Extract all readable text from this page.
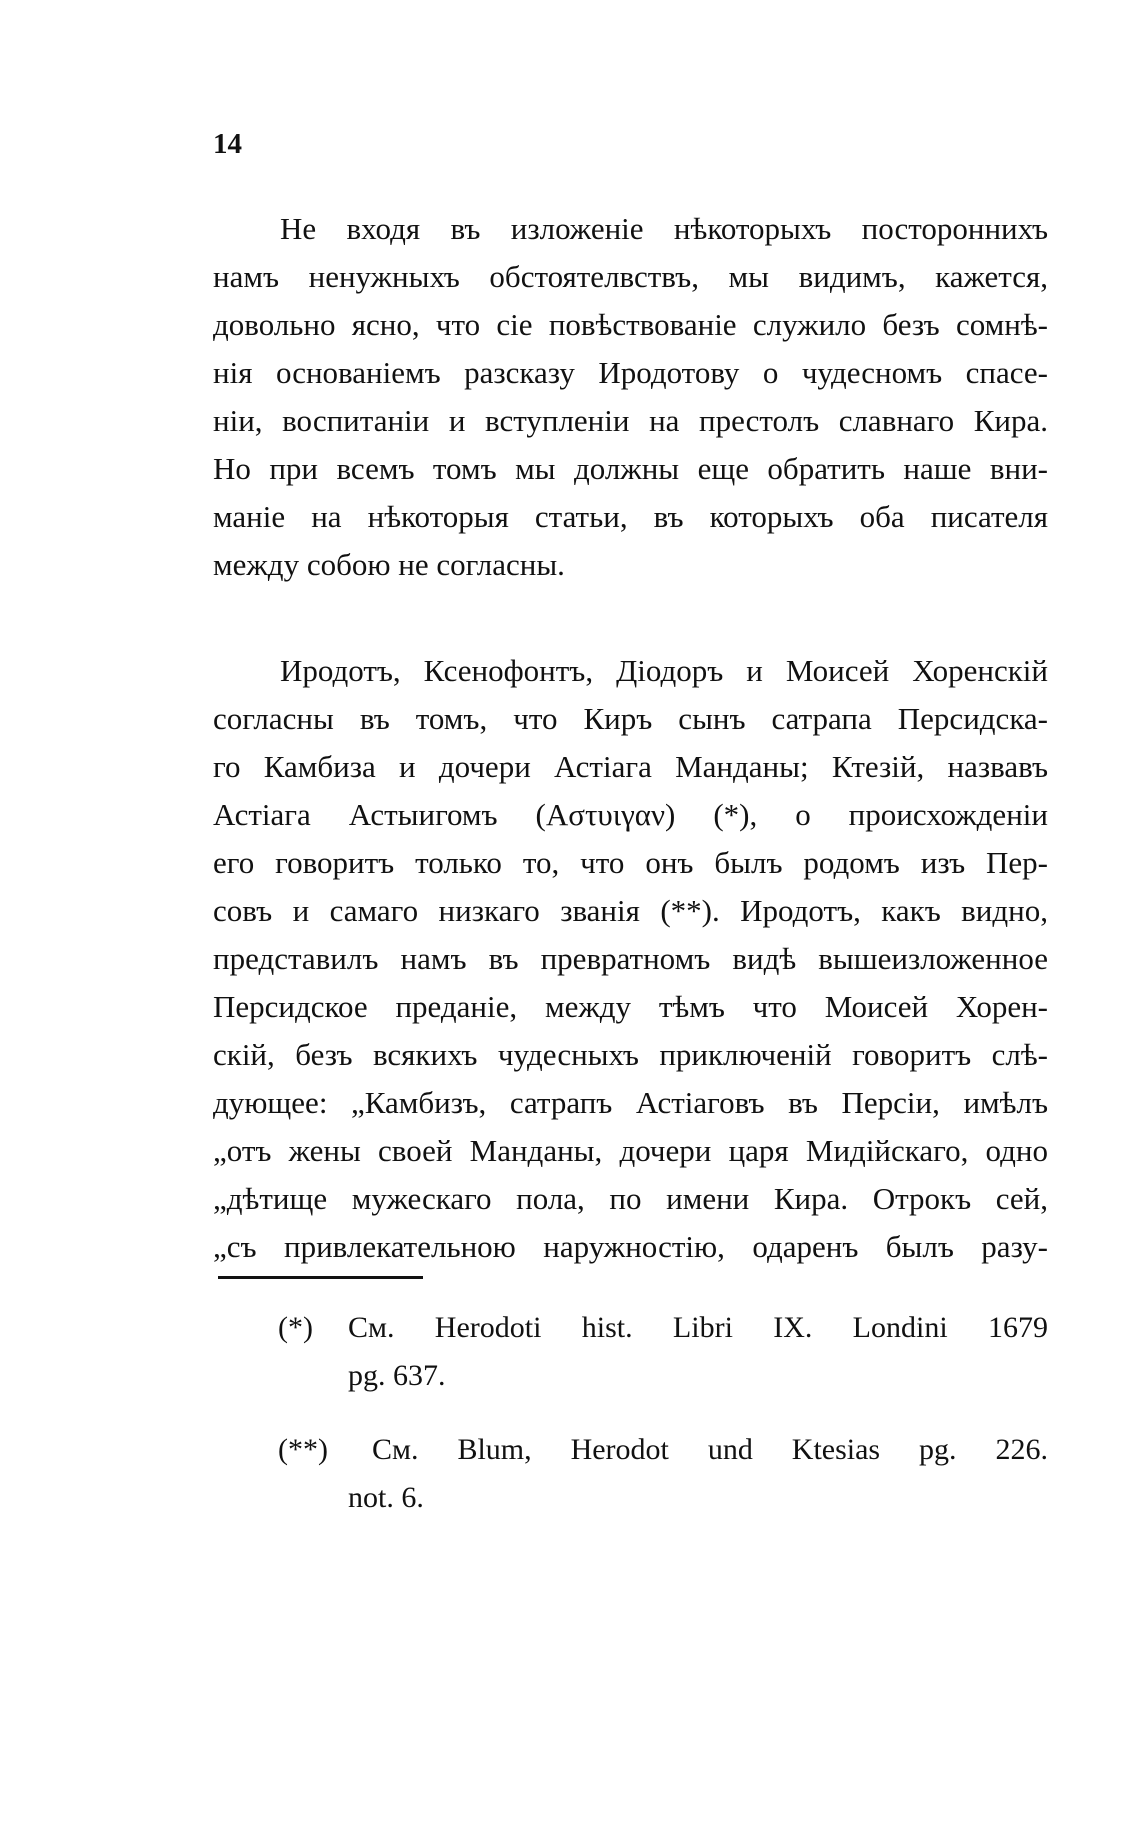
14
Не входя въ изложенiе нѣкоторыхъ постороннихъ
намъ ненужныхъ обстоятелвствъ, мы видимъ, кажется,
довольно ясно, что сiе повѣствованiе служило безъ сомнѣ-
нiя основанiемъ разсказу Иродотову о чудесномъ спасе-
нiи, воспитанiи и вступленiи на престолъ славнаго Кира.
Но при всемъ томъ мы должны еще обратить наше вни-
манiе на нѣкоторыя статьи, въ которыхъ оба писателя
между собою не согласны.
Иродотъ, Ксенофонтъ, Дiодоръ и Моисей Хоренскiй
согласны въ томъ, что Киръ сынъ сатрапа Персидска-
го Камбиза и дочери Астiага Манданы; Ктезiй, назвавъ
Астiага Астыигомъ (Αστυιγαν) (*), о происхожденiи
его говоритъ только то, что онъ былъ родомъ изъ Пер-
совъ и самаго низкаго званiя (**). Иродотъ, какъ видно,
представилъ намъ въ превратномъ видѣ вышеизложенное
Персидское преданiе, между тѣмъ что Моисей Хорен-
скiй, безъ всякихъ чудесныхъ приключенiй говоритъ слѣ-
дующее: „Камбизъ, сатрапъ Астiаговъ въ Персiи, имѣлъ
„отъ жены своей Манданы, дочери царя Мидiйскаго, одно
„дѣтище мужескаго пола, по имени Кира. Отрокъ сей,
„съ привлекательною наружностiю, одаренъ былъ разу-
(*) См. Herodoti hist. Libri IX. Londini 1679
pg. 637.
(**) См. Blum, Herodot und Ktesias pg. 226.
not. 6.
